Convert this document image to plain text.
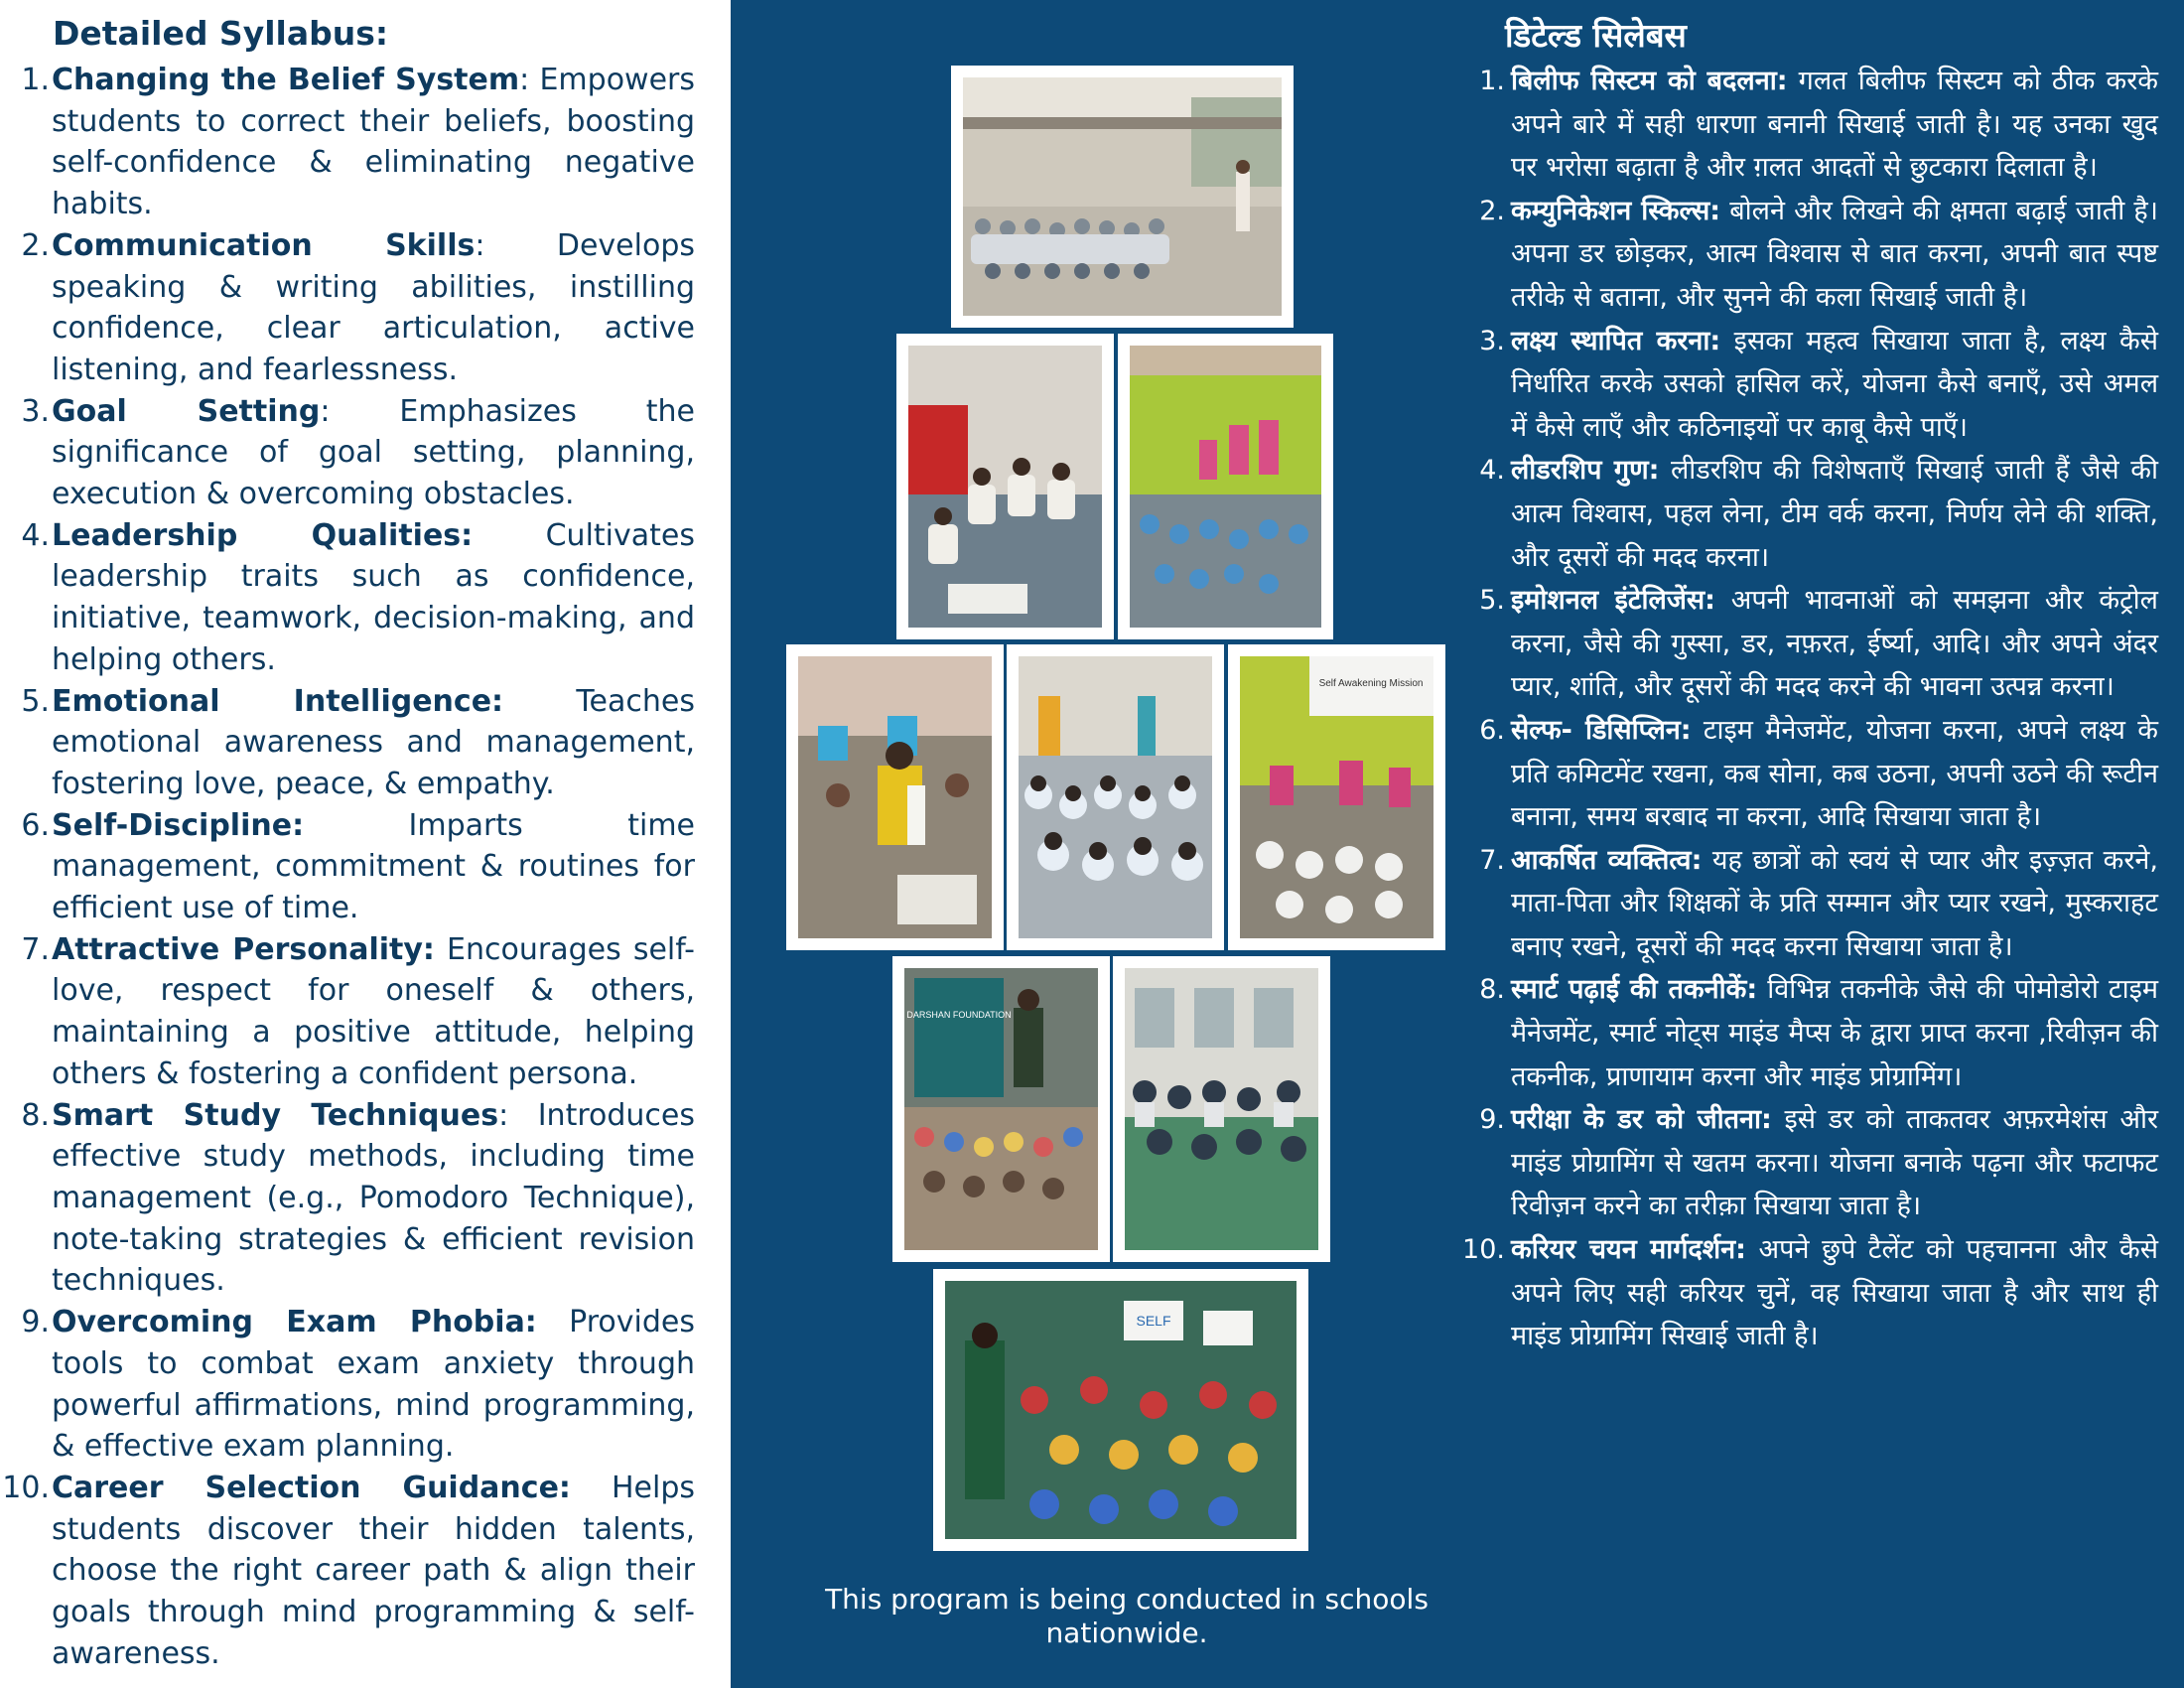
Detailed Syllabus:
1. Changing the Belief System: Empowers students to correct their beliefs, boosting self-confidence & eliminating negative habits.
2. Communication Skills: Develops speaking & writing abilities, instilling confidence, clear articulation, active listening, and fearlessness.
3. Goal Setting: Emphasizes the significance of goal setting, planning, execution & overcoming obstacles.
4. Leadership Qualities: Cultivates leadership traits such as confidence, initiative, teamwork, decision-making, and helping others.
5. Emotional Intelligence: Teaches emotional awareness and management, fostering love, peace, & empathy.
6. Self-Discipline: Imparts time management, commitment & routines for efficient use of time.
7. Attractive Personality: Encourages self-love, respect for oneself & others, maintaining a positive attitude, helping others & fostering a confident persona.
8. Smart Study Techniques: Introduces effective study methods, including time management (e.g., Pomodoro Technique), note-taking strategies & efficient revision techniques.
9. Overcoming Exam Phobia: Provides tools to combat exam anxiety through powerful affirmations, mind programming, & effective exam planning.
10. Career Selection Guidance: Helps students discover their hidden talents, choose the right career path & align their goals through mind programming & self-awareness.
Self Awakening Mission
DARSHAN FOUNDATION
SELF
This program is being conducted in schools nationwide.
डिटेल्ड सिलेबस
1. बिलीफ सिस्टम को बदलना: गलत बिलीफ सिस्टम को ठीक करके अपने बारे में सही धारणा बनानी सिखाई जाती है। यह उनका खुद पर भरोसा बढ़ाता है और ग़लत आदतों से छुटकारा दिलाता है।
2. कम्युनिकेशन स्किल्स: बोलने और लिखने की क्षमता बढ़ाई जाती है। अपना डर छोड़कर, आत्म विश्वास से बात करना, अपनी बात स्पष्ट तरीके से बताना, और सुनने की कला सिखाई जाती है।
3. लक्ष्य स्थापित करना: इसका महत्व सिखाया जाता है, लक्ष्य कैसे निर्धारित करके उसको हासिल करें, योजना कैसे बनाएँ, उसे अमल में कैसे लाएँ और कठिनाइयों पर काबू कैसे पाएँ।
4. लीडरशिप गुण: लीडरशिप की विशेषताएँ सिखाई जाती हैं जैसे की आत्म विश्वास, पहल लेना, टीम वर्क करना, निर्णय लेने की शक्ति, और दूसरों की मदद करना।
5. इमोशनल इंटेलिजेंस: अपनी भावनाओं को समझना और कंट्रोल करना, जैसे की गुस्सा, डर, नफ़रत, ईर्ष्या, आदि। और अपने अंदर प्यार, शांति, और दूसरों की मदद करने की भावना उत्पन्न करना।
6. सेल्फ- डिसिप्लिन: टाइम मैनेजमेंट, योजना करना, अपने लक्ष्य के प्रति कमिटमेंट रखना, कब सोना, कब उठना, अपनी उठने की रूटीन बनाना, समय बरबाद ना करना, आदि सिखाया जाता है।
7. आकर्षित व्यक्तित्व: यह छात्रों को स्वयं से प्यार और इज़्ज़त करने, माता-पिता और शिक्षकों के प्रति सम्मान और प्यार रखने, मुस्कराहट बनाए रखने, दूसरों की मदद करना सिखाया जाता है।
8. स्मार्ट पढ़ाई की तकनीकें: विभिन्न तकनीके जैसे की पोमोडोरो टाइम मैनेजमेंट, स्मार्ट नोट्स माइंड मैप्स के द्वारा प्राप्त करना ,रिवीज़न की तकनीक, प्राणायाम करना और माइंड प्रोग्रामिंग।
9. परीक्षा के डर को जीतना: इसे डर को ताकतवर अफ़रमेशंस और माइंड प्रोग्रामिंग से खतम करना। योजना बनाके पढ़ना और फटाफट रिवीज़न करने का तरीक़ा सिखाया जाता है।
10. करियर चयन मार्गदर्शन: अपने छुपे टैलेंट को पहचानना और कैसे अपने लिए सही करियर चुनें, वह सिखाया जाता है और साथ ही माइंड प्रोग्रामिंग सिखाई जाती है।
